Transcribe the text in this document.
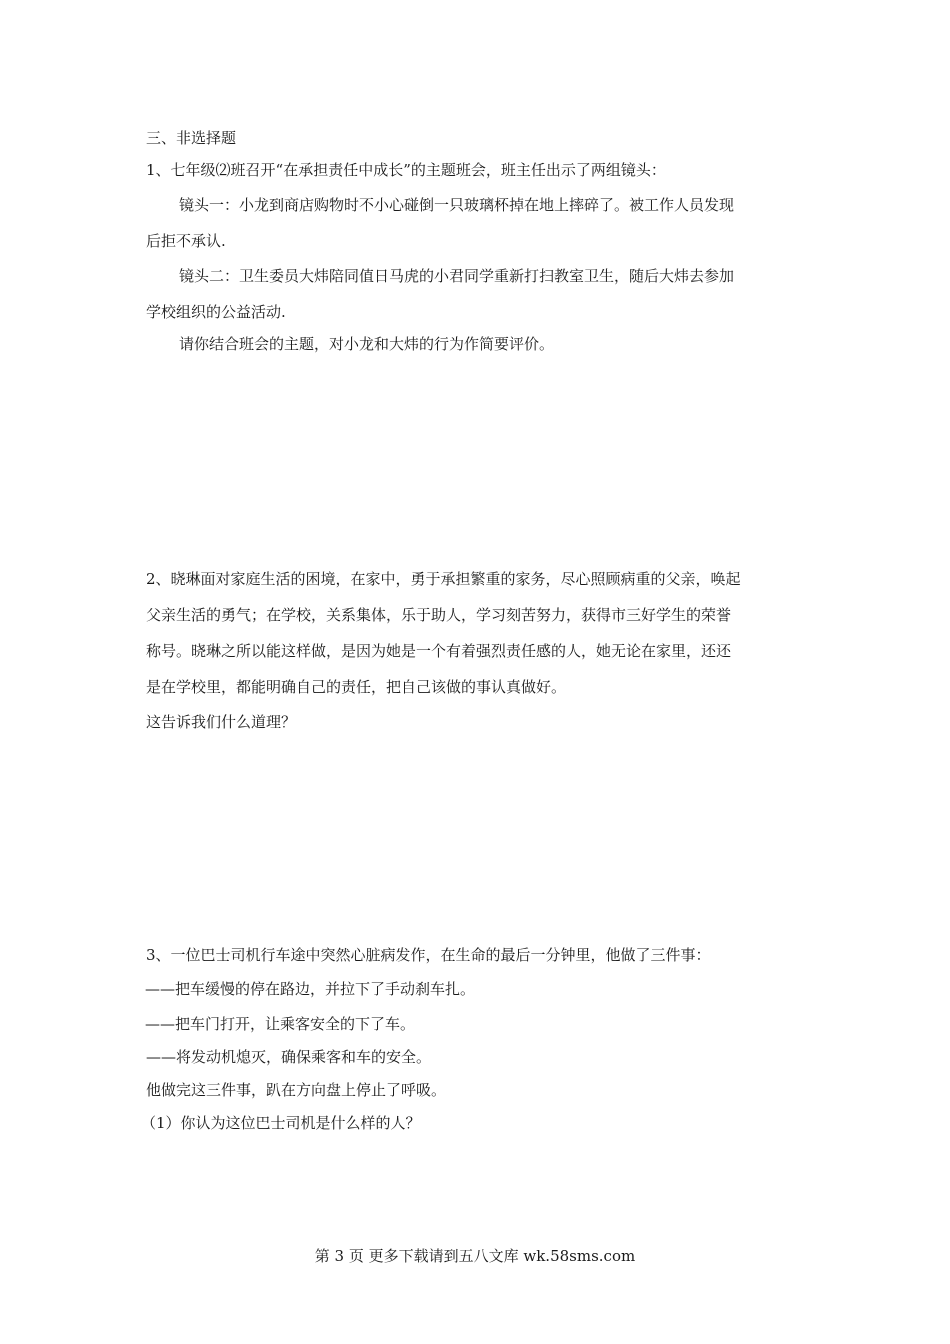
三、非选择题
1、七年级⑵班召开“在承担责任中成长”的主题班会，班主任出示了两组镜头：
镜头一：小龙到商店购物时不小心碰倒一只玻璃杯掉在地上摔碎了。被工作人员发现
后拒不承认.
镜头二：卫生委员大炜陪同值日马虎的小君同学重新打扫教室卫生，随后大炜去参加
学校组织的公益活动.
请你结合班会的主题，对小龙和大炜的行为作简要评价。
2、晓琳面对家庭生活的困境，在家中，勇于承担繁重的家务，尽心照顾病重的父亲，唤起
父亲生活的勇气；在学校，关系集体，乐于助人，学习刻苦努力，获得市三好学生的荣誉
称号。晓琳之所以能这样做，是因为她是一个有着强烈责任感的人，她无论在家里，还还
是在学校里，都能明确自己的责任，把自己该做的事认真做好。
这告诉我们什么道理？
3、一位巴士司机行车途中突然心脏病发作，在生命的最后一分钟里，他做了三件事：
——把车缓慢的停在路边，并拉下了手动刹车扎。
——把车门打开，让乘客安全的下了车。
——将发动机熄灭，确保乘客和车的安全。
他做完这三件事，趴在方向盘上停止了呼吸。
（1）你认为这位巴士司机是什么样的人？
第 3 页 更多下载请到五八文库 wk.58sms.com
